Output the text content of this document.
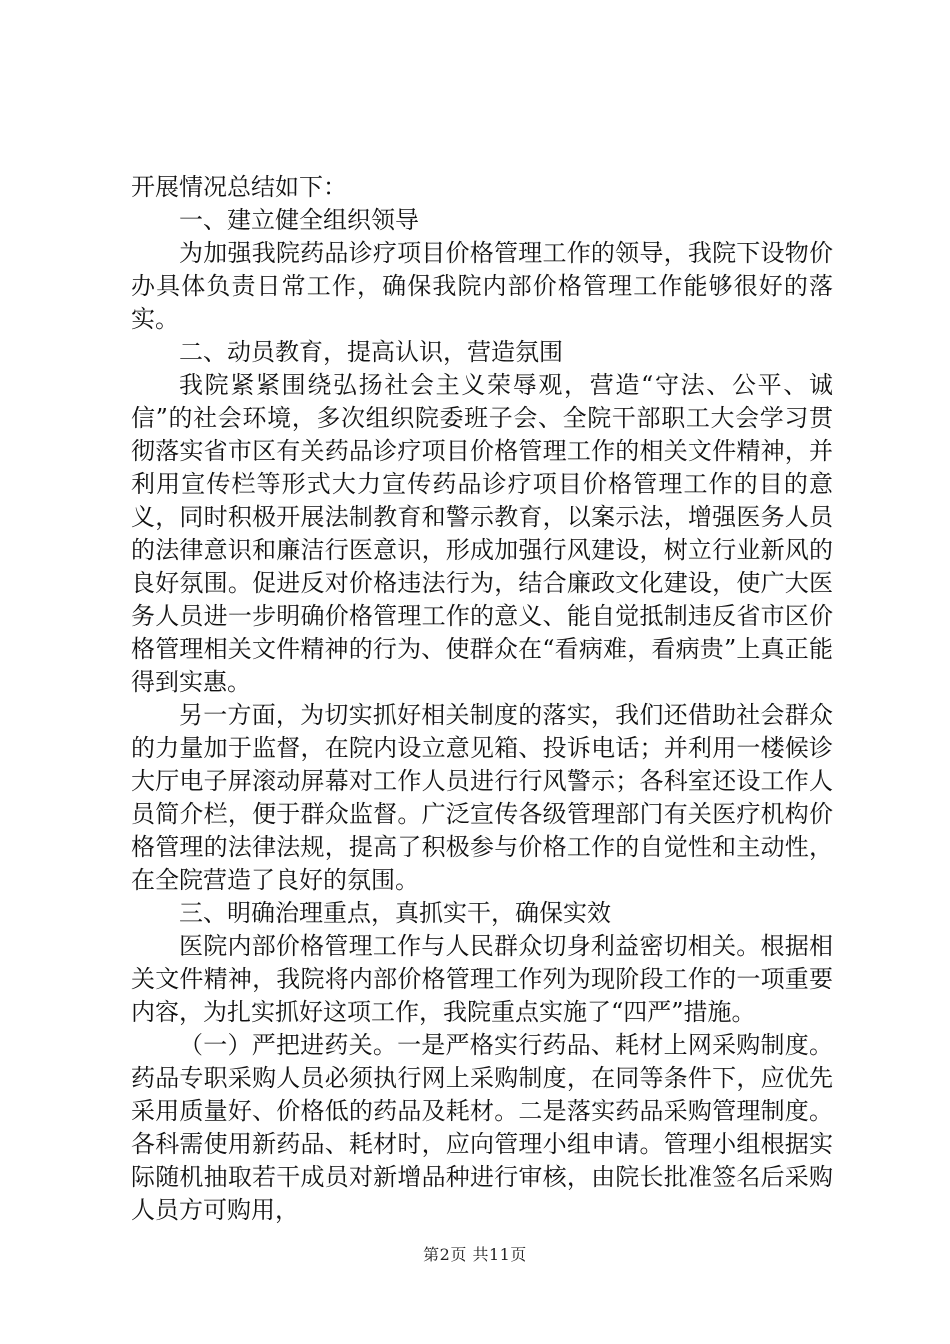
开展情况总结如下：

一、建立健全组织领导

为加强我院药品诊疗项目价格管理工作的领导，我院下设物价办具体负责日常工作，确保我院内部价格管理工作能够很好的落实。

二、动员教育，提高认识，营造氛围

我院紧紧围绕弘扬社会主义荣辱观，营造“守法、公平、诚信”的社会环境，多次组织院委班子会、全院干部职工大会学习贯彻落实省市区有关药品诊疗项目价格管理工作的相关文件精神，并利用宣传栏等形式大力宣传药品诊疗项目价格管理工作的目的意义，同时积极开展法制教育和警示教育，以案示法，增强医务人员的法律意识和廉洁行医意识，形成加强行风建设，树立行业新风的良好氛围。促进反对价格违法行为，结合廉政文化建设，使广大医务人员进一步明确价格管理工作的意义、能自觉抵制违反省市区价格管理相关文件精神的行为、使群众在“看病难，看病贵”上真正能得到实惠。

另一方面，为切实抓好相关制度的落实，我们还借助社会群众的力量加于监督，在院内设立意见箱、投诉电话；并利用一楼候诊大厅电子屏滚动屏幕对工作人员进行行风警示；各科室还设工作人员简介栏，便于群众监督。广泛宣传各级管理部门有关医疗机构价格管理的法律法规，提高了积极参与价格工作的自觉性和主动性，在全院营造了良好的氛围。

三、明确治理重点，真抓实干，确保实效

医院内部价格管理工作与人民群众切身利益密切相关。根据相关文件精神，我院将内部价格管理工作列为现阶段工作的一项重要内容，为扎实抓好这项工作，我院重点实施了“四严”措施。

（一）严把进药关。一是严格实行药品、耗材上网采购制度。药品专职采购人员必须执行网上采购制度，在同等条件下，应优先采用质量好、价格低的药品及耗材。二是落实药品采购管理制度。各科需使用新药品、耗材时，应向管理小组申请。管理小组根据实际随机抽取若干成员对新增品种进行审核，由院长批准签名后采购人员方可购用，

第2页 共11页
